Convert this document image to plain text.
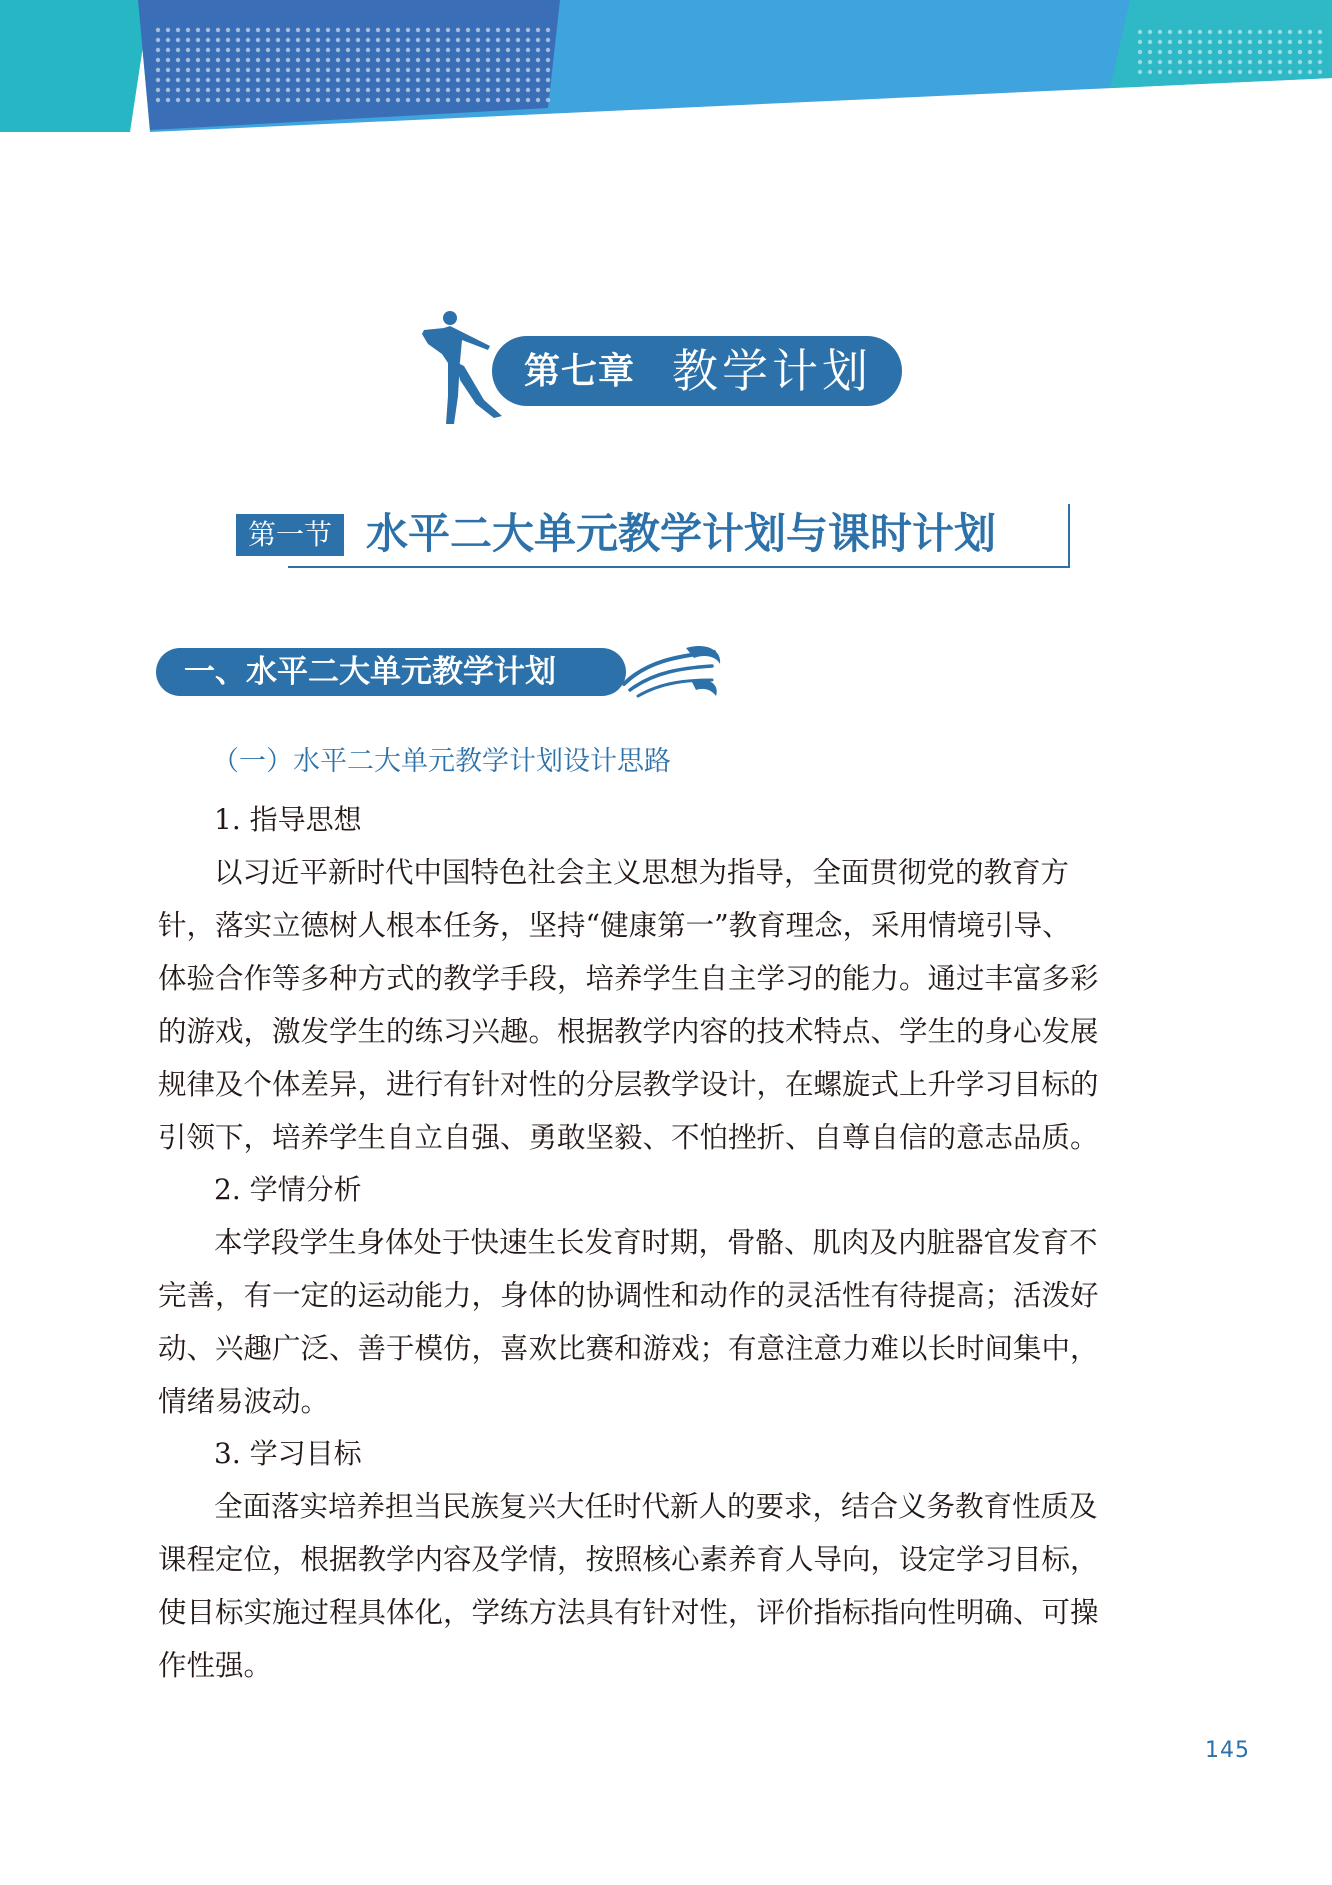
第七章 教学计划
第一节 水平二大单元教学计划与课时计划
一、水平二大单元教学计划
（一）水平二大单元教学计划设计思路
1. 指导思想
以习近平新时代中国特色社会主义思想为指导，全面贯彻党的教育方
针，落实立德树人根本任务，坚持“健康第一”教育理念，采用情境引导、
体验合作等多种方式的教学手段，培养学生自主学习的能力。通过丰富多彩
的游戏，激发学生的练习兴趣。根据教学内容的技术特点、学生的身心发展
规律及个体差异，进行有针对性的分层教学设计，在螺旋式上升学习目标的
引领下，培养学生自立自强、勇敢坚毅、不怕挫折、自尊自信的意志品质。
2. 学情分析
本学段学生身体处于快速生长发育时期，骨骼、肌肉及内脏器官发育不
完善，有一定的运动能力，身体的协调性和动作的灵活性有待提高；活泼好
动、兴趣广泛、善于模仿，喜欢比赛和游戏；有意注意力难以长时间集中，
情绪易波动。
3. 学习目标
全面落实培养担当民族复兴大任时代新人的要求，结合义务教育性质及
课程定位，根据教学内容及学情，按照核心素养育人导向，设定学习目标，
使目标实施过程具体化，学练方法具有针对性，评价指标指向性明确、可操
作性强。
145
